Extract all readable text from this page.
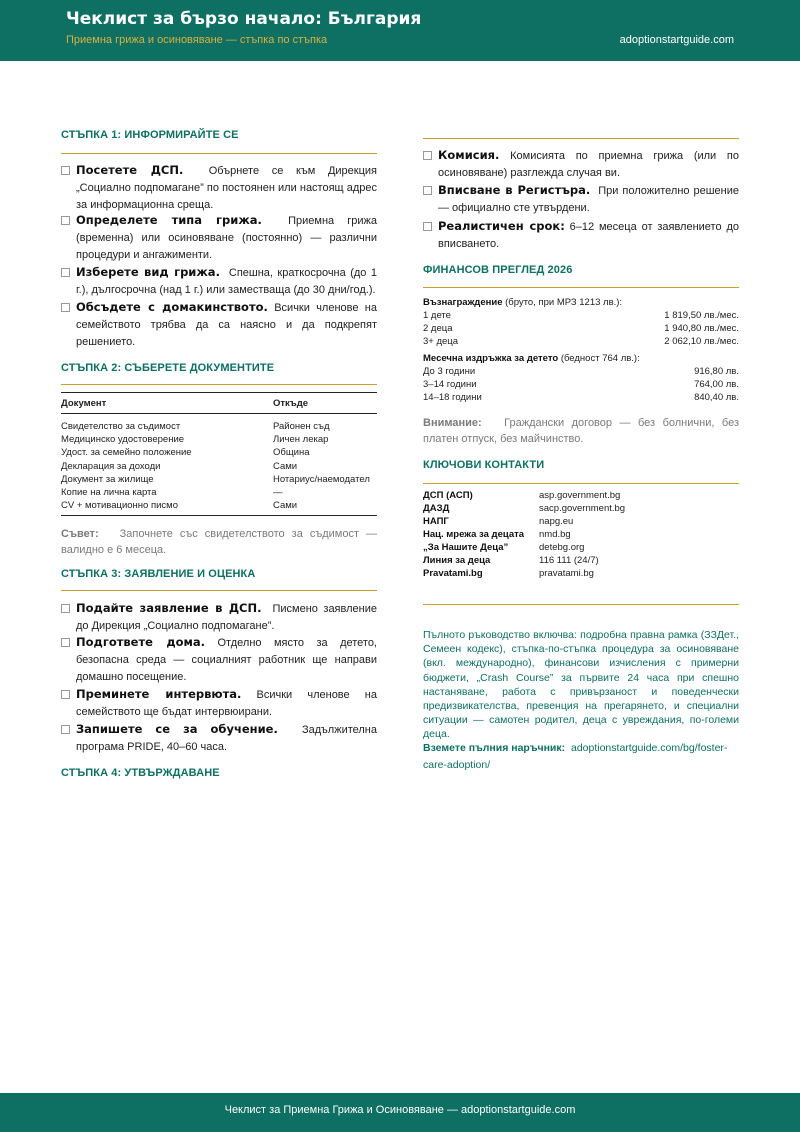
Чеклист за бързо начало: България
Приемна грижа и осиновяване — стъпка по стъпка	adoptionstartguide.com
СТЪПКА 1: ИНФОРМИРАЙТЕ СЕ
Посетете ДСП. Обърнете се към Дирекция „Социално подпомагане” по постоянен или настоящ адрес за информационна среща.
Определете типа грижа. Приемна грижа (временна) или осиновяване (постоянно) — различни процедури и ангажименти.
Изберете вид грижа. Спешна, краткосрочна (до 1 г.), дългосрочна (над 1 г.) или заместваща (до 30 дни/год.).
Обсъдете с домакинството. Всички членове на семейството трябва да са наясно и да подкрепят решението.
СТЪПКА 2: СЪБЕРЕТЕ ДОКУМЕНТИТЕ
Документ	Откъде
Свидетелство за съдимост	Районен съд
Медицинско удостоверение	Личен лекар
Удост. за семейно положение	Община
Декларация за доходи	Сами
Документ за жилище	Нотариус/наемодател
Копие на лична карта	—
CV + мотивационно писмо	Сами
Съвет: Започнете със свидетелството за съдимост — валидно е 6 месеца.
СТЪПКА 3: ЗАЯВЛЕНИЕ И ОЦЕНКА
Подайте заявление в ДСП. Писмено заявление до Дирекция „Социално подпомагане”.
Подгответе дома. Отделно място за детето, безопасна среда — социалният работник ще направи домашно посещение.
Преминете интервюта. Всички членове на семейството ще бъдат интервюирани.
Запишете се за обучение. Задължителна програма PRIDE, 40–60 часа.
СТЪПКА 4: УТВЪРЖДАВАНЕ
Комисия. Комисията по приемна грижа (или по осиновяване) разглежда случая ви.
Вписване в Регистъра. При положително решение — официално сте утвърдени.
Реалистичен срок: 6–12 месеца от заявлението до вписването.
ФИНАНСОВ ПРЕГЛЕД 2026
Възнаграждение (бруто, при МРЗ 1213 лв.):
1 дете	1 819,50 лв./мес.
2 деца	1 940,80 лв./мес.
3+ деца	2 062,10 лв./мес.
Месечна издръжка за детето (бедност 764 лв.):
До 3 години	916,80 лв.
3–14 години	764,00 лв.
14–18 години	840,40 лв.
Внимание: Граждански договор — без болнични, без платен отпуск, без майчинство.
КЛЮЧОВИ КОНТАКТИ
ДСП (АСП)	asp.government.bg
ДАЗД	sacp.government.bg
НАПГ	napg.eu
Нац. мрежа за децата	nmd.bg
„За Нашите Деца”	detebg.org
Линия за деца	116 111 (24/7)
Pravatami.bg	pravatami.bg
Пълното ръководство включва: подробна правна рамка (ЗЗДет., Семеен кодекс), стъпка-по-стъпка процедура за осиновяване (вкл. международно), финансови изчисления с примерни бюджети, „Crash Course” за първите 24 часа при спешно настаняване, работа с привързаност и поведенчески предизвикателства, превенция на прегарянето, и специални ситуации — самотен родител, деца с увреждания, по-големи деца.
Вземете пълния наръчник: adoptionstartguide.com/bg/foster-care-adoption/
Чеклист за Приемна Грижа и Осиновяване — adoptionstartguide.com
